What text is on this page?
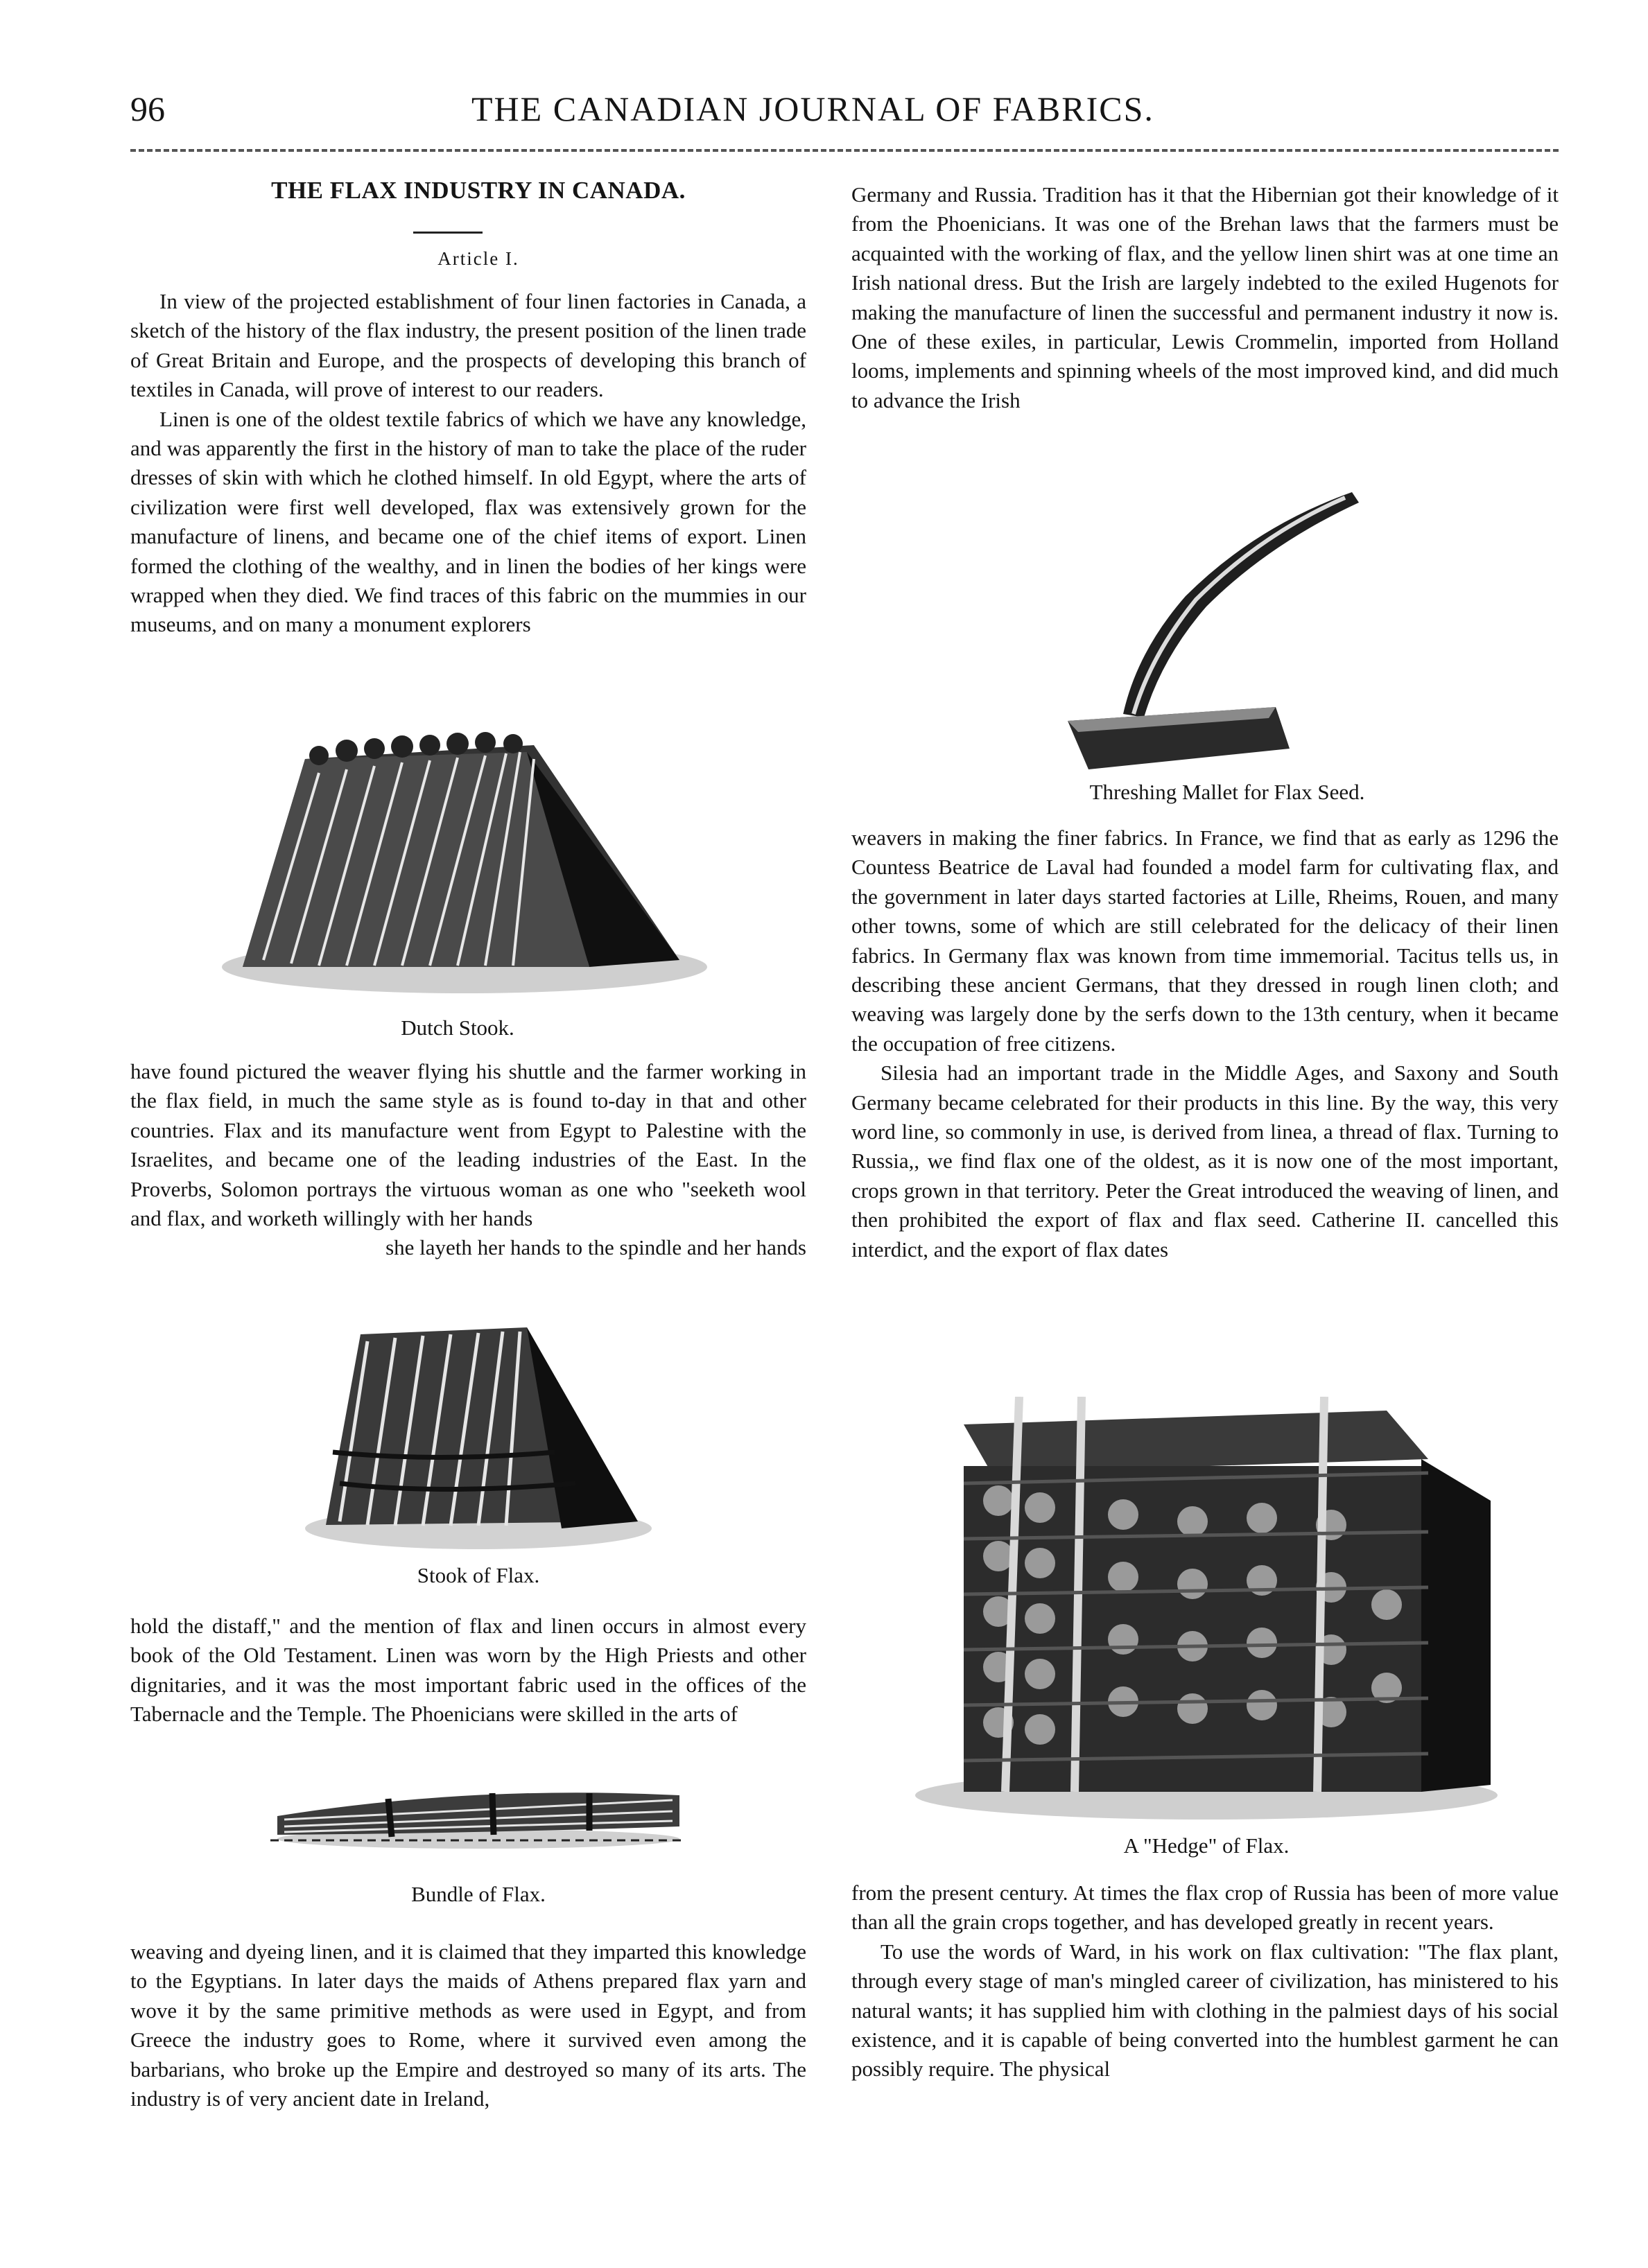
96	THE CANADIAN JOURNAL OF FABRICS.
THE FLAX INDUSTRY IN CANADA.
Article I.

In view of the projected establishment of four linen factories in Canada, a sketch of the history of the flax industry, the present position of the linen trade of Great Britain and Europe, and the prospects of developing this branch of textiles in Canada, will prove of interest to our readers.

Linen is one of the oldest textile fabrics of which we have any knowledge, and was apparently the first in the history of man to take the place of the ruder dresses of skin with which he clothed himself. In old Egypt, where the arts of civilization were first well developed, flax was extensively grown for the manufacture of linens, and became one of the chief items of export. Linen formed the clothing of the wealthy, and in linen the bodies of her kings were wrapped when they died. We find traces of this fabric on the mummies in our museums, and on many a monument explorers

Dutch Stook.

have found pictured the weaver flying his shuttle and the farmer working in the flax field, in much the same style as is found to-day in that and other countries. Flax and its manufacture went from Egypt to Palestine with the Israelites, and became one of the leading industries of the East. In the Proverbs, Solomon portrays the virtuous woman as one who "seeketh wool and flax, and worketh willingly with her hands

she layeth her hands to the spindle and her hands

Stook of Flax.

hold the distaff," and the mention of flax and linen occurs in almost every book of the Old Testament. Linen was worn by the High Priests and other dignitaries, and it was the most important fabric used in the offices of the Tabernacle and the Temple. The Phoenicians were skilled in the arts of

Bundle of Flax.

weaving and dyeing linen, and it is claimed that they imparted this knowledge to the Egyptians. In later days the maids of Athens prepared flax yarn and wove it by the same primitive methods as were used in Egypt, and from Greece the industry goes to Rome, where it survived even among the barbarians, who broke up the Empire and destroyed so many of its arts. The industry is of very ancient date in Ireland,

Germany and Russia. Tradition has it that the Hibernian got their knowledge of it from the Phoenicians. It was one of the Brehan laws that the farmers must be acquainted with the working of flax, and the yellow linen shirt was at one time an Irish national dress. But the Irish are largely indebted to the exiled Hugenots for making the manufacture of linen the successful and permanent industry it now is. One of these exiles, in particular, Lewis Crommelin, imported from Holland looms, implements and spinning wheels of the most improved kind, and did much to advance the Irish

Threshing Mallet for Flax Seed.

weavers in making the finer fabrics. In France, we find that as early as 1296 the Countess Beatrice de Laval had founded a model farm for cultivating flax, and the government in later days started factories at Lille, Rheims, Rouen, and many other towns, some of which are still celebrated for the delicacy of their linen fabrics. In Germany flax was known from time immemorial. Tacitus tells us, in describing these ancient Germans, that they dressed in rough linen cloth; and weaving was largely done by the serfs down to the 13th century, when it became the occupation of free citizens.

Silesia had an important trade in the Middle Ages, and Saxony and South Germany became celebrated for their products in this line. By the way, this very word line, so commonly in use, is derived from linea, a thread of flax. Turning to Russia,, we find flax one of the oldest, as it is now one of the most important, crops grown in that territory. Peter the Great introduced the weaving of linen, and then prohibited the export of flax and flax seed. Catherine II. cancelled this interdict, and the export of flax dates

A "Hedge" of Flax.

from the present century. At times the flax crop of Russia has been of more value than all the grain crops together, and has developed greatly in recent years.

To use the words of Ward, in his work on flax cultivation: "The flax plant, through every stage of man's mingled career of civilization, has ministered to his natural wants; it has supplied him with clothing in the palmiest days of his social existence, and it is capable of being converted into the humblest garment he can possibly require. The physical
